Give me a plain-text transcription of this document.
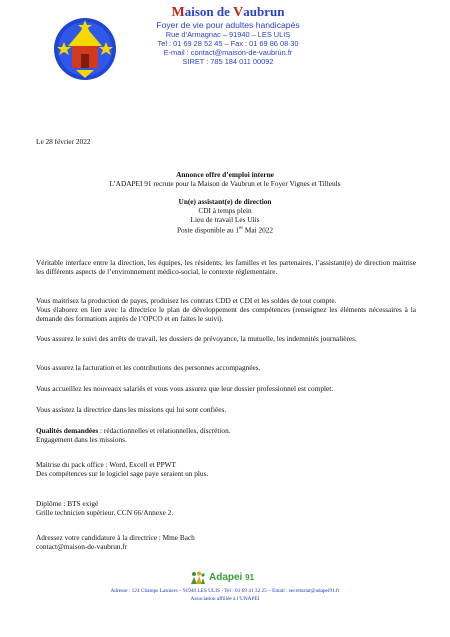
Maison de Vaubrun
Foyer de vie pour adultes handicapés
Rue d’Armagnac – 91940 – LES ULIS
Tel : 01 69 28 52 45 – Fax : 01 69 86 08 30
E-mail : contact@maison-de-vaubrun.fr
SIRET : 785 184 011 00092
Le 28 février 2022
Annonce offre d’emploi interne
L’ADAPEI 91 recrute pour la Maison de Vaubrun et le Foyer Vignes et Tilleuls
Un(e) assistant(e) de direction
CDI à temps plein
Lieu de travail Les Ulis
Poste disponible au 1er Mai 2022
Véritable interface entre la direction, les équipes, les résidents, les familles et les partenaires, l’assistant(e) de direction maitrise les différents aspects de l’environnement médico-social, le contexte réglementaire.
Vous maitrisez la production de payes, produisez les contrats CDD et CDI et les soldes de tout compte.
Vous élaborez en lien avec la directrice le plan de développement des compétences (renseignez les éléments nécessaires à la demande des formations auprès de l’OPCO et en faites le suivi).
Vous assurez le suivi des arrêts de travail, les dossiers de prévoyance, la mutuelle, les indemnités journalières.
Vous assurez la facturation et les contributions des personnes accompagnées.
Vous accueillez les nouveaux salariés et vous vous assurez que leur dossier professionnel est complet.
Vous assistez la directrice dans les missions qui lui sont confiées.
Qualités demandées : rédactionnelles et relationnelles, discrétion.
Engagement dans les missions.
Maitrise du pack office : Word, Excell et PPWT
Des compétences sur le logiciel sage paye seraient un plus.
Diplôme : BTS exigé
Grille technicien supérieur. CCN 66/Annexe 2.
Adressez votre candidature à la directrice : Mme Bach
contact@maison-de-vaubrun.fr
Adapei 91
Adresse : 124 Champs Lasniers – 91940 LES ULIS - Tel : 01 69 41 32 25 – Email : secretariat@adapei91.fr
Association affiliée à l’UNAPEI
